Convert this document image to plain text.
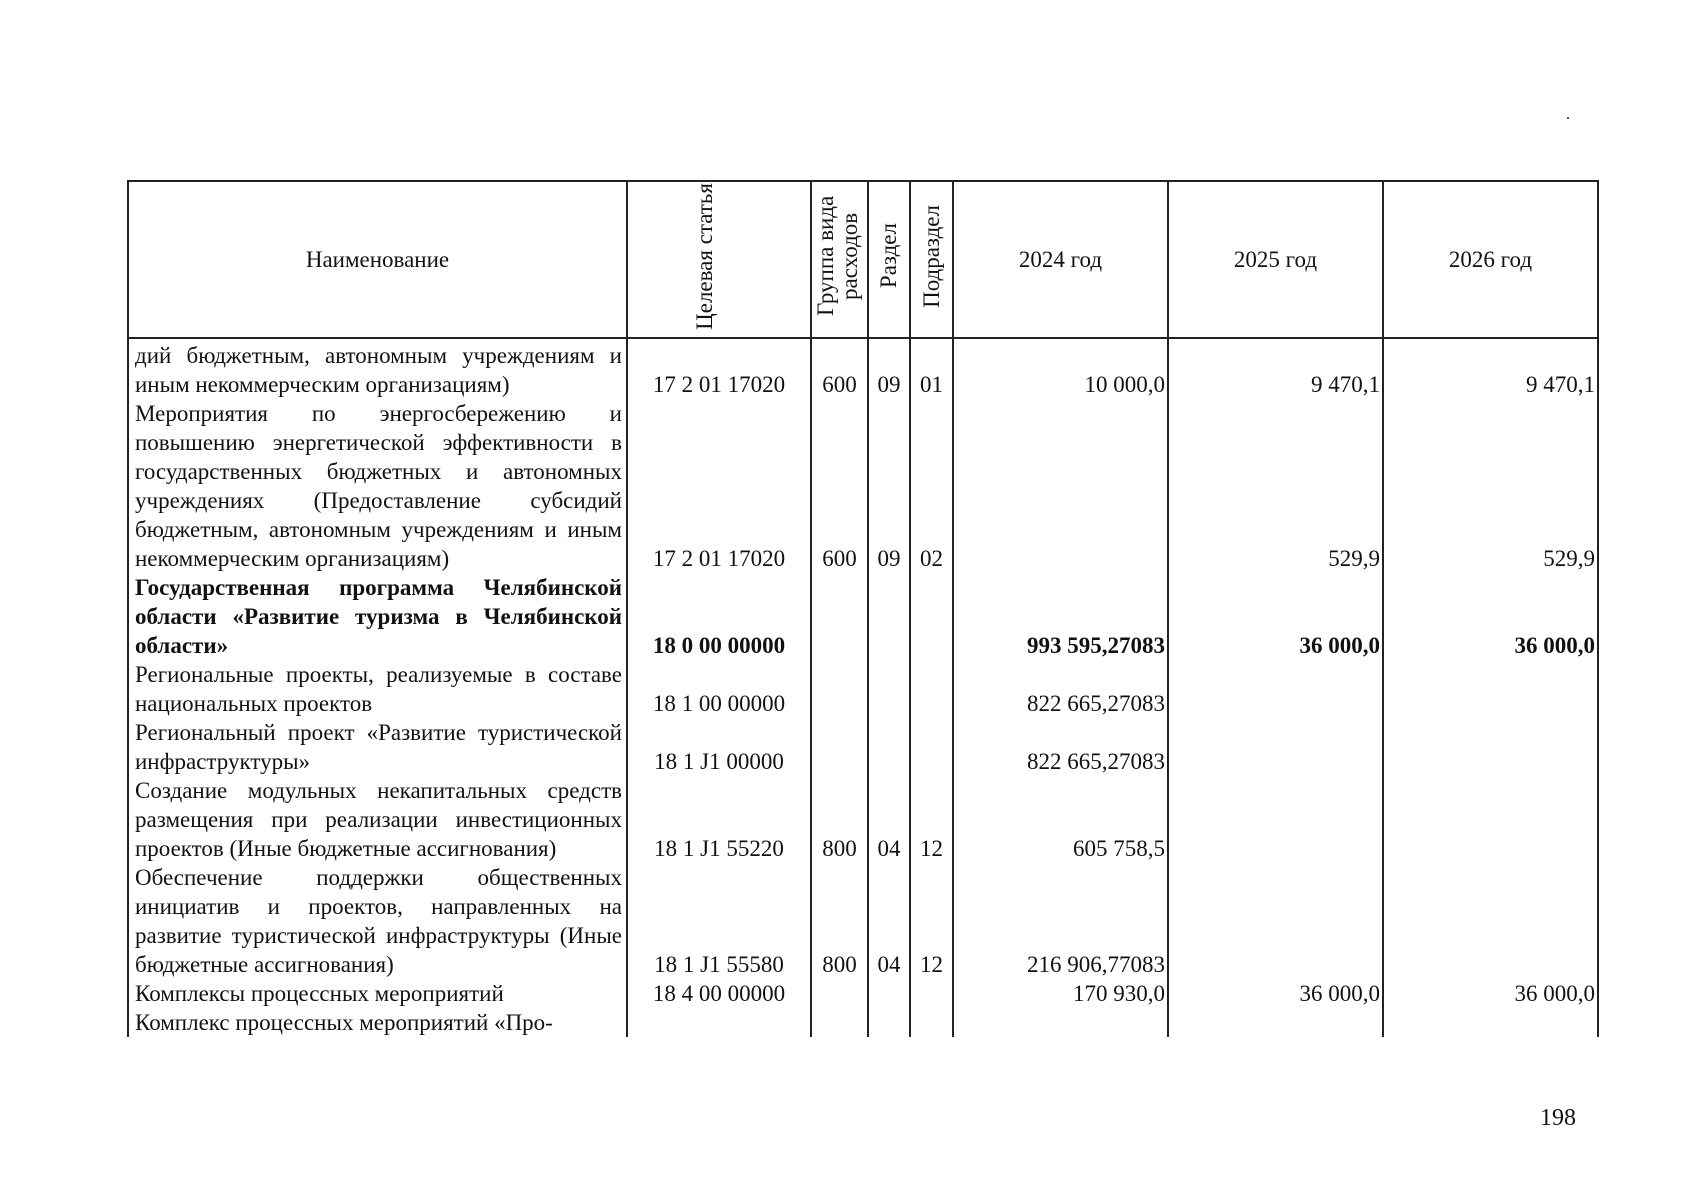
Наименование	Целевая статья	Группа вида расходов	Раздел	Подраздел	2024 год	2025 год	2026 год
дий бюджетным, автономным учреждениям и иным некоммерческим организациям)	17 2 01 17020	600	09	01	10 000,0	9 470,1	9 470,1
Мероприятия по энергосбережению и повышению энергетической эффективности в государственных бюджетных и автономных учреждениях (Предоставление субсидий бюджетным, автономным учреждениям и иным некоммерческим организациям)	17 2 01 17020	600	09	02		529,9	529,9
Государственная программа Челябинской области «Развитие туризма в Челябинской области»	18 0 00 00000				993 595,27083	36 000,0	36 000,0
Региональные проекты, реализуемые в составе национальных проектов	18 1 00 00000				822 665,27083		
Региональный проект «Развитие туристической инфраструктуры»	18 1 J1 00000				822 665,27083		
Создание модульных некапитальных средств размещения при реализации инвестиционных проектов (Иные бюджетные ассигнования)	18 1 J1 55220	800	04	12	605 758,5		
Обеспечение поддержки общественных инициатив и проектов, направленных на развитие туристической инфраструктуры (Иные бюджетные ассигнования)	18 1 J1 55580	800	04	12	216 906,77083		
Комплексы процессных мероприятий	18 4 00 00000				170 930,0	36 000,0	36 000,0
Комплекс процессных мероприятий «Про-							
198
